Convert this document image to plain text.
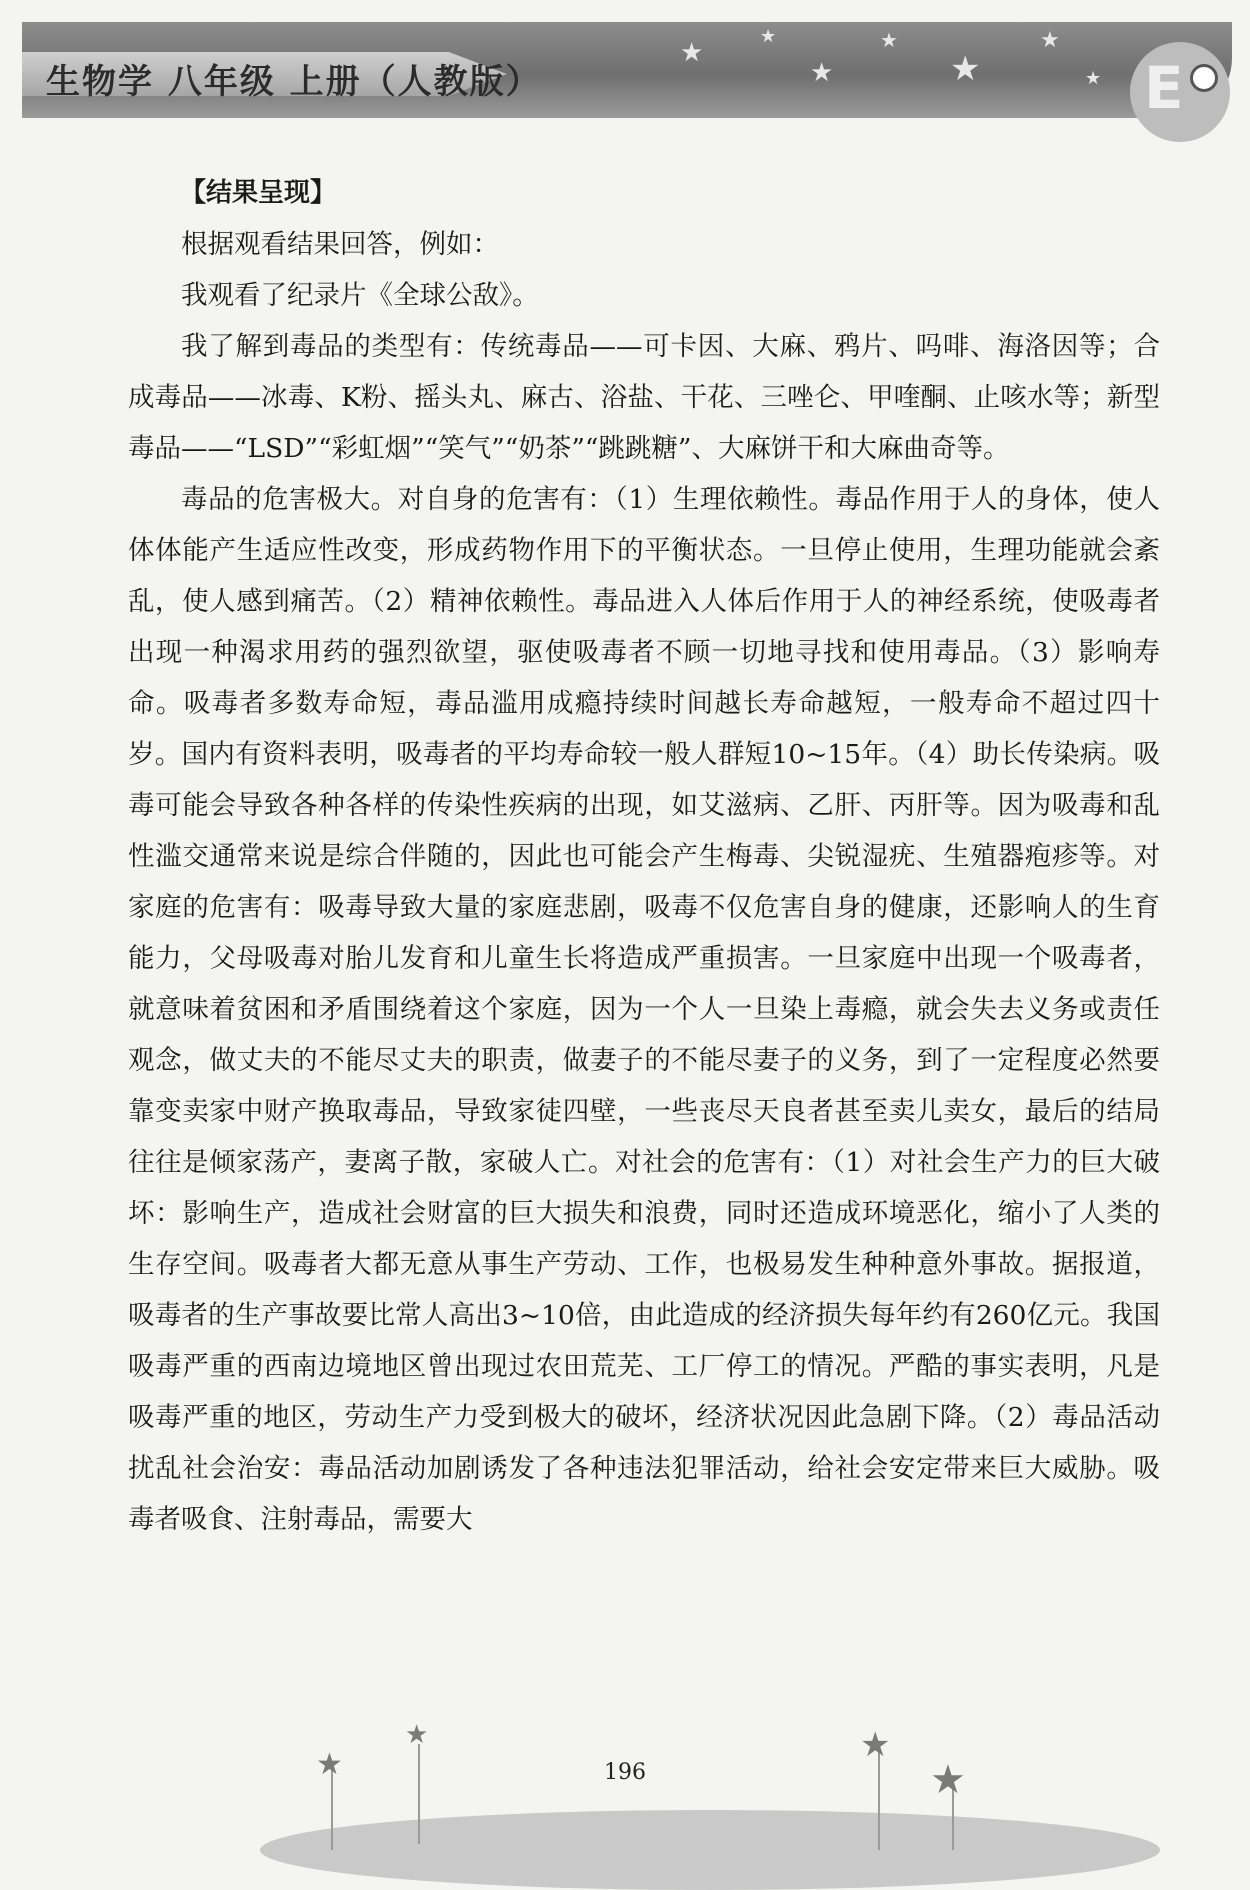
生物学 八年级 上册（人教版）
★
★
★
★
★
★
★ E

【结果呈现】

根据观看结果回答，例如：

我观看了纪录片《全球公敌》。

我了解到毒品的类型有：传统毒品——可卡因、大麻、鸦片、吗啡、海洛因等；合成毒品——冰毒、K粉、摇头丸、麻古、浴盐、干花、三唑仑、甲喹酮、止咳水等；新型毒品——“LSD”“彩虹烟”“笑气”“奶茶”“跳跳糖”、大麻饼干和大麻曲奇等。

毒品的危害极大。对自身的危害有：（1）生理依赖性。毒品作用于人的身体，使人体体能产生适应性改变，形成药物作用下的平衡状态。一旦停止使用，生理功能就会紊乱，使人感到痛苦。（2）精神依赖性。毒品进入人体后作用于人的神经系统，使吸毒者出现一种渴求用药的强烈欲望，驱使吸毒者不顾一切地寻找和使用毒品。（3）影响寿命。吸毒者多数寿命短，毒品滥用成瘾持续时间越长寿命越短，一般寿命不超过四十岁。国内有资料表明，吸毒者的平均寿命较一般人群短10~15年。（4）助长传染病。吸毒可能会导致各种各样的传染性疾病的出现，如艾滋病、乙肝、丙肝等。因为吸毒和乱性滥交通常来说是综合伴随的，因此也可能会产生梅毒、尖锐湿疣、生殖器疱疹等。对家庭的危害有：吸毒导致大量的家庭悲剧，吸毒不仅危害自身的健康，还影响人的生育能力，父母吸毒对胎儿发育和儿童生长将造成严重损害。一旦家庭中出现一个吸毒者，就意味着贫困和矛盾围绕着这个家庭，因为一个人一旦染上毒瘾，就会失去义务或责任观念，做丈夫的不能尽丈夫的职责，做妻子的不能尽妻子的义务，到了一定程度必然要靠变卖家中财产换取毒品，导致家徒四壁，一些丧尽天良者甚至卖儿卖女，最后的结局往往是倾家荡产，妻离子散，家破人亡。对社会的危害有：（1）对社会生产力的巨大破坏：影响生产，造成社会财富的巨大损失和浪费，同时还造成环境恶化，缩小了人类的生存空间。吸毒者大都无意从事生产劳动、工作，也极易发生种种意外事故。据报道，吸毒者的生产事故要比常人高出3~10倍，由此造成的经济损失每年约有260亿元。我国吸毒严重的西南边境地区曾出现过农田荒芜、工厂停工的情况。严酷的事实表明，凡是吸毒严重的地区，劳动生产力受到极大的破坏，经济状况因此急剧下降。（2）毒品活动扰乱社会治安：毒品活动加剧诱发了各种违法犯罪活动，给社会安定带来巨大威胁。吸毒者吸食、注射毒品，需要大

★
★	★
★
196
